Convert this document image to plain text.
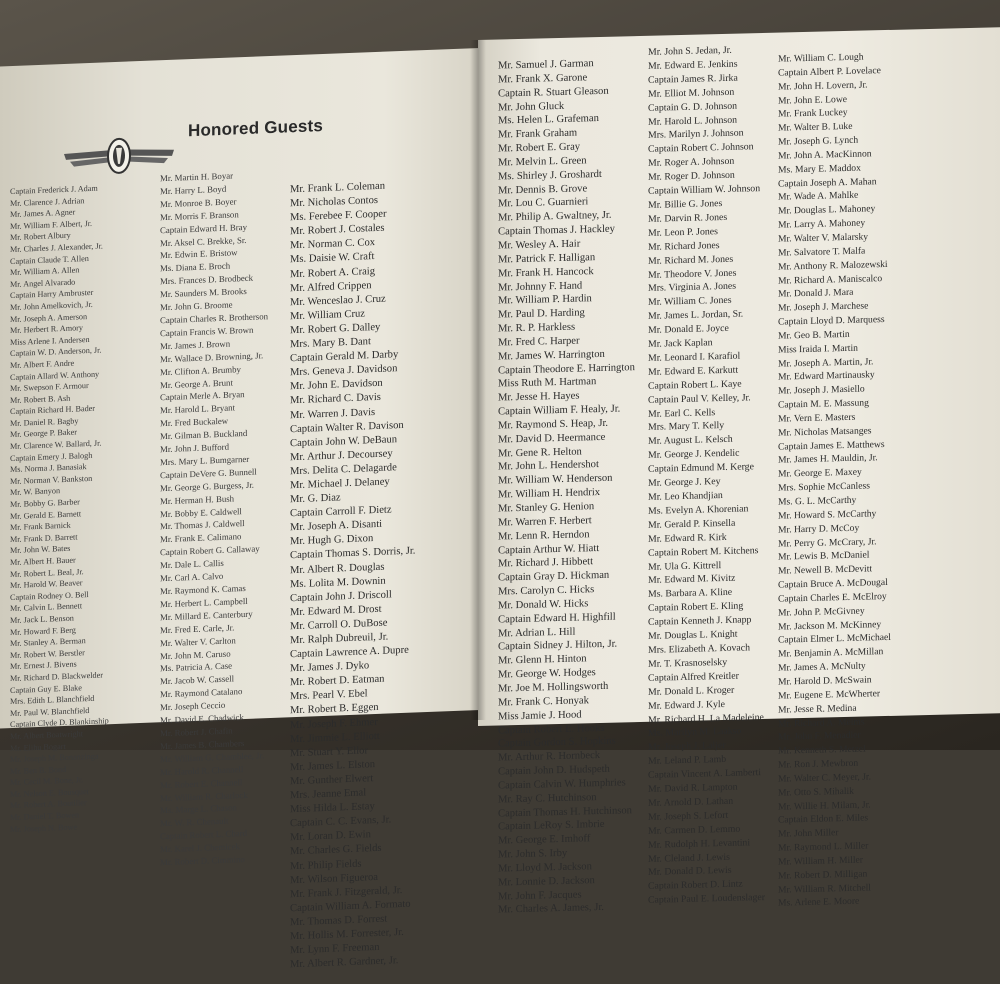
Honored Guests
Captain Frederick J. Adam
Mr. Clarence J. Adrian
Mr. James A. Agner
Mr. William F. Albert, Jr.
Mr. Robert Albury
Mr. Charles J. Alexander, Jr.
Captain Claude T. Allen
Mr. William A. Allen
Mr. Angel Alvarado
Captain Harry Ambruster
Mr. John Amelkovich, Jr.
Mr. Joseph A. Amerson
Mr. Herbert R. Amory
Miss Arlene I. Andersen
Captain W. D. Anderson, Jr.
Mr. Albert F. Andre
Captain Allard W. Anthony
Mr. Swepson F. Armour
Mr. Robert B. Ash
Captain Richard H. Bader
Mr. Daniel R. Bagby
Mr. George P. Baker
Mr. Clarence W. Ballard, Jr.
Captain Emery J. Balogh
Ms. Norma J. Banasiak
Mr. Norman V. Bankston
Mr. W. Banyon
Mr. Bobby G. Barber
Mr. Gerald E. Barnett
Mr. Frank Barnick
Mr. Frank D. Barrett
Mr. John W. Bates
Mr. Albert H. Bauer
Mr. Robert L. Beal, Jr.
Mr. Harold W. Beaver
Captain Rodney O. Bell
Mr. Calvin L. Bennett
Mr. Jack L. Benson
Mr. Howard F. Berg
Mr. Stanley A. Berman
Mr. Robert W. Berstler
Mr. Ernest J. Bivens
Mr. Richard D. Blackwelder
Captain Guy E. Blake
Mrs. Edith L. Blanchfield
Mr. Paul W. Blanchfield
Captain Clyde D. Blankinship
Mr. Albert Boatwright
Mr. Elihu Bogart
Mr. Joseph M. Bonanzinga
Mr. Ben B. Bond
Mr. Cecil M. Bone, Jr.
Mr. Nelson E. Bousquet
Mr. Robert A. Boutilier
Mr. Daniel T. Bowen
Mr. Joseph N. Bowe
Mr. Martin H. Boyar
Mr. Harry L. Boyd
Mr. Monroe B. Boyer
Mr. Morris F. Branson
Captain Edward H. Bray
Mr. Aksel C. Brekke, Sr.
Mr. Edwin E. Bristow
Ms. Diana E. Broch
Mrs. Frances D. Brodbeck
Mr. Saunders M. Brooks
Mr. John G. Broome
Captain Charles R. Brotherson
Captain Francis W. Brown
Mr. James J. Brown
Mr. Wallace D. Browning, Jr.
Mr. Clifton A. Brumby
Mr. George A. Brunt
Captain Merle A. Bryan
Mr. Harold L. Bryant
Mr. Fred Buckalew
Mr. Gilman B. Buckland
Mr. John J. Bufford
Mrs. Mary L. Bumgarner
Captain DeVere G. Bunnell
Mr. George G. Burgess, Jr.
Mr. Herman H. Bush
Mr. Bobby E. Caldwell
Mr. Thomas J. Caldwell
Mr. Frank E. Calimano
Captain Robert G. Callaway
Mr. Dale L. Callis
Mr. Carl A. Calvo
Mr. Raymond K. Camas
Mr. Herbert L. Campbell
Mr. Millard E. Canterbury
Mr. Fred E. Carle, Jr.
Mr. Walter V. Carlton
Mr. John M. Caruso
Ms. Patricia A. Case
Mr. Jacob W. Cassell
Mr. Raymond Catalano
Mr. Joseph Ceccio
Mr. David E. Chadwick
Mr. Robert J. Chafin
Mr. James B. Chambers
Mr. William G. Chamblee, Jr.
Mr. Harold R. Channell
Mr. Robert E. Channell
Mr. William R. Charlock
Ms. Marge L. Chason
Mr. W. R. Chenault
Captain Robert L. Chard
Mr. Karel J. Chemicek
Mr. Robert D. Cimmino
Mr. Frank L. Coleman
Mr. Nicholas Contos
Ms. Ferebee F. Cooper
Mr. Robert J. Costales
Mr. Norman C. Cox
Ms. Daisie W. Craft
Mr. Robert A. Craig
Mr. Alfred Crippen
Mr. Wenceslao J. Cruz
Mr. William Cruz
Mr. Robert G. Dalley
Mrs. Mary B. Dant
Captain Gerald M. Darby
Mrs. Geneva J. Davidson
Mr. John E. Davidson
Mr. Richard C. Davis
Mr. Warren J. Davis
Captain Walter R. Davison
Captain John W. DeBaun
Mr. Arthur J. Decoursey
Mrs. Delita C. Delagarde
Mr. Michael J. Delaney
Mr. G. Diaz
Captain Carroll F. Dietz
Mr. Joseph A. Disanti
Mr. Hugh G. Dixon
Captain Thomas S. Dorris, Jr.
Mr. Albert R. Douglas
Ms. Lolita M. Downin
Captain John J. Driscoll
Mr. Edward M. Drost
Mr. Carroll O. DuBose
Mr. Ralph Dubreuil, Jr.
Captain Lawrence A. Dupre
Mr. James J. Dyko
Mr. Robert D. Eatman
Mrs. Pearl V. Ebel
Mr. Robert B. Eggen
Mr. Joseph F. Ehmer
Mr. Jimmie L. Elliott
Mr. Stuart Y. Ellor
Mr. James L. Elston
Mr. Gunther Elwert
Mrs. Jeanne Emal
Miss Hilda L. Estay
Captain C. C. Evans, Jr.
Mr. Loran D. Ewin
Mr. Charles G. Fields
Mr. Philip Fields
Mr. Wilson Figueroa
Mr. Frank J. Fitzgerald, Jr.
Captain William A. Formato
Mr. Thomas D. Forrest
Mr. Hollis M. Forrester, Jr.
Mr. Lynn F. Freeman
Mr. Albert R. Gardner, Jr.
Mr. Samuel J. Garman
Mr. Frank X. Garone
Captain R. Stuart Gleason
Mr. John Gluck
Ms. Helen L. Grafeman
Mr. Frank Graham
Mr. Robert E. Gray
Mr. Melvin L. Green
Ms. Shirley J. Groshardt
Mr. Dennis B. Grove
Mr. Lou C. Guarnieri
Mr. Philip A. Gwaltney, Jr.
Captain Thomas J. Hackley
Mr. Wesley A. Hair
Mr. Patrick F. Halligan
Mr. Frank H. Hancock
Mr. Johnny F. Hand
Mr. William P. Hardin
Mr. Paul D. Harding
Mr. R. P. Harkless
Mr. Fred C. Harper
Mr. James W. Harrington
Captain Theodore E. Harrington
Miss Ruth M. Hartman
Mr. Jesse H. Hayes
Captain William F. Healy, Jr.
Mr. Raymond S. Heap, Jr.
Mr. David D. Heermance
Mr. Gene R. Helton
Mr. John L. Hendershot
Mr. William W. Henderson
Mr. William H. Hendrix
Mr. Stanley G. Henion
Mr. Warren F. Herbert
Mr. Lenn R. Herndon
Captain Arthur W. Hiatt
Mr. Richard J. Hibbett
Captain Gray D. Hickman
Mrs. Carolyn C. Hicks
Mr. Donald W. Hicks
Captain Edward H. Highfill
Mr. Adrian L. Hill
Captain Sidney J. Hilton, Jr.
Mr. Glenn H. Hinton
Mr. George W. Hodges
Mr. Joe M. Hollingsworth
Mr. Frank C. Honyak
Miss Jamie J. Hood
Captain Robert E. Hooks
Captain Gordon S. Hopkins
Mr. Arthur R. Hornbeck
Captain John D. Hudspeth
Captain Calvin W. Humphries
Mr. Ray C. Hutchinson
Captain Thomas H. Hutchinson
Captain LeRoy S. Imbrie
Mr. George E. Imhoff
Mr. John S. Irby
Mr. Lloyd M. Jackson
Mr. Lonnie D. Jackson
Mr. John F. Jacques
Mr. Charles A. James, Jr.
Mr. John S. Jedan, Jr.
Mr. Edward E. Jenkins
Captain James R. Jirka
Mr. Elliot M. Johnson
Captain G. D. Johnson
Mr. Harold L. Johnson
Mrs. Marilyn J. Johnson
Captain Robert C. Johnson
Mr. Roger A. Johnson
Mr. Roger D. Johnson
Captain William W. Johnson
Mr. Billie G. Jones
Mr. Darvin R. Jones
Mr. Leon P. Jones
Mr. Richard Jones
Mr. Richard M. Jones
Mr. Theodore V. Jones
Mrs. Virginia A. Jones
Mr. William C. Jones
Mr. James L. Jordan, Sr.
Mr. Donald E. Joyce
Mr. Jack Kaplan
Mr. Leonard I. Karafiol
Mr. Edward E. Karkutt
Captain Robert L. Kaye
Captain Paul V. Kelley, Jr.
Mr. Earl C. Kells
Mrs. Mary T. Kelly
Mr. August L. Kelsch
Mr. George J. Kendelic
Captain Edmund M. Kerge
Mr. George J. Key
Mr. Leo Khandjian
Ms. Evelyn A. Khorenian
Mr. Gerald P. Kinsella
Mr. Edward R. Kirk
Captain Robert M. Kitchens
Mr. Ula G. Kittrell
Mr. Edward M. Kivitz
Ms. Barbara A. Kline
Captain Robert E. Kling
Captain Kenneth J. Knapp
Mr. Douglas L. Knight
Mrs. Elizabeth A. Kovach
Mr. T. Krasnoselsky
Captain Alfred Kreitler
Mr. Donald L. Kroger
Mr. Edward J. Kyle
Mr. Richard H. La Madeleine
Ms. Marilyn M. Laakso
Mr. Joseph J. Laljer
Mr. Leland P. Lamb
Captain Vincent A. Lamberti
Mr. David R. Lampton
Mr. Arnold D. Lathan
Mr. Joseph S. Lefort
Mr. Carmen D. Lemmo
Mr. Rudolph H. Levantini
Mr. Cleland J. Lewis
Mr. Donald D. Lewis
Captain Robert D. Lintz
Captain Paul E. Loudenslager
Mr. William C. Lough
Captain Albert P. Lovelace
Mr. John H. Lovern, Jr.
Mr. John E. Lowe
Mr. Frank Luckey
Mr. Walter B. Luke
Mr. Joseph G. Lynch
Mr. John A. MacKinnon
Ms. Mary E. Maddox
Captain Joseph A. Mahan
Mr. Wade A. Mahlke
Mr. Douglas L. Mahoney
Mr. Larry A. Mahoney
Mr. Walter V. Malarsky
Mr. Salvatore T. Malfa
Mr. Anthony R. Malozewski
Mr. Richard A. Maniscalco
Mr. Donald J. Mara
Mr. Joseph J. Marchese
Captain Lloyd D. Marquess
Mr. Geo B. Martin
Miss Iraida I. Martin
Mr. Joseph A. Martin, Jr.
Mr. Edward Martinausky
Mr. Joseph J. Masiello
Captain M. E. Massung
Mr. Vern E. Masters
Mr. Nicholas Matsanges
Captain James E. Matthews
Mr. James H. Mauldin, Jr.
Mr. George E. Maxey
Mrs. Sophie McCanless
Ms. G. L. McCarthy
Mr. Howard S. McCarthy
Mr. Harry D. McCoy
Mr. Perry G. McCrary, Jr.
Mr. Lewis B. McDaniel
Mr. Newell B. McDevitt
Captain Bruce A. McDougal
Captain Charles E. McElroy
Mr. John P. McGivney
Mr. Jackson M. McKinney
Captain Elmer L. McMichael
Mr. Benjamin A. McMillan
Mr. James A. McNulty
Mr. Harold D. McSwain
Mr. Eugene E. McWherter
Mr. Jesse R. Medina
Mr. Richard A. Melms
Mr. John F. Menadier
Mr. Kenneth S. Metzel
Mr. Ron J. Mewbron
Mr. Walter C. Meyer, Jr.
Mr. Otto S. Mihalik
Mr. Willie H. Milam, Jr.
Captain Eldon E. Miles
Mr. John Miller
Mr. Raymond L. Miller
Mr. William H. Miller
Mr. Robert D. Milligan
Mr. William R. Mitchell
Ms. Arlene E. Moore
